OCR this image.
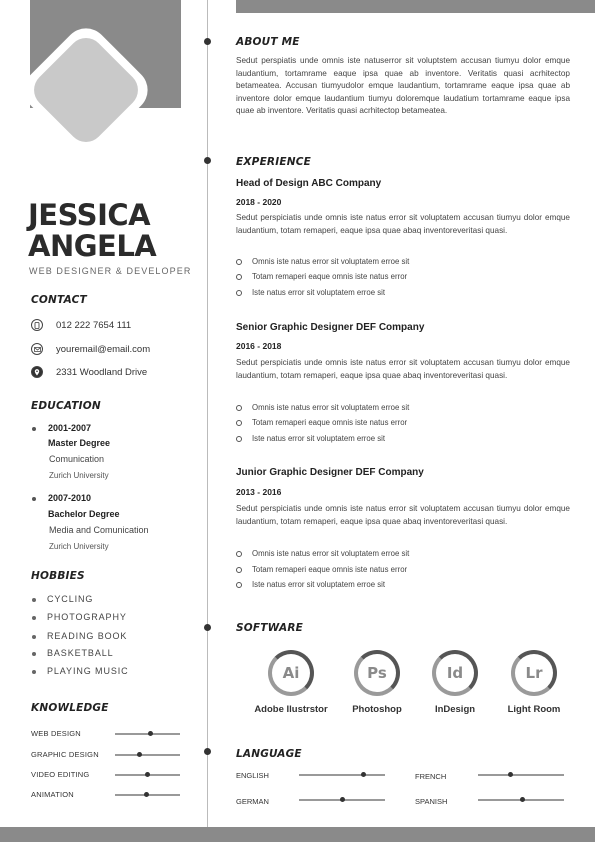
JESSICA
ANGELA
WEB DESIGNER & DEVELOPER
CONTACT
012 222 7654 111
youremail@email.com
2331 Woodland Drive
EDUCATION
2001-2007
Master Degree
Comunication
Zurich University
2007-2010
Bachelor Degree
Media and Comunication
Zurich University
HOBBIES
CYCLING
PHOTOGRAPHY
READING BOOK
BASKETBALL
PLAYING MUSIC
KNOWLEDGE
WEB DESIGN
GRAPHIC DESIGN
VIDEO EDITING
ANIMATION
ABOUT ME
Sedut perspiatis unde omnis iste natuserror sit voluptstem accusan tiumyu dolor emque laudantium, tortamrame eaque ipsa quae ab inventore. Veritatis quasi acrhitectop betameatea. Accusan tiumyudolor emque laudantium, tortamrame eaque ipsa quae ab inventore dolor emque laudantium tiumyu doloremque laudatium tortamrame eaque ipsa quae ab inventore. Veritatis quasi acrhitectop betameatea.
EXPERIENCE
Head of Design ABC Company
2018 - 2020
Sedut perspiciatis unde omnis iste natus error sit voluptatem accusan tiumyu dolor emque laudantium, totam remaperi, eaque ipsa quae abaq inventoreveritasi quasi.
Omnis iste natus error sit voluptatem erroe sit
Totam remaperi eaque omnis iste natus error
Iste natus error sit voluptatem erroe sit
Senior Graphic Designer DEF Company
2016 - 2018
Sedut perspiciatis unde omnis iste natus error sit voluptatem accusan tiumyu dolor emque laudantium, totam remaperi, eaque ipsa quae abaq inventoreveritasi quasi.
Omnis iste natus error sit voluptatem erroe sit
Totam remaperi eaque omnis iste natus error
Iste natus error sit voluptatem erroe sit
Junior Graphic Designer DEF Company
2013 - 2016
Sedut perspiciatis unde omnis iste natus error sit voluptatem accusan tiumyu dolor emque laudantium, totam remaperi, eaque ipsa quae abaq inventoreveritasi quasi.
Omnis iste natus error sit voluptatem erroe sit
Totam remaperi eaque omnis iste natus error
Iste natus error sit voluptatem erroe sit
SOFTWARE
Ai	Ps	Id	Lr
Adobe Ilustrstor	Photoshop	InDesign	Light Room
LANGUAGE
ENGLISH	FRENCH
GERMAN	SPANISH
